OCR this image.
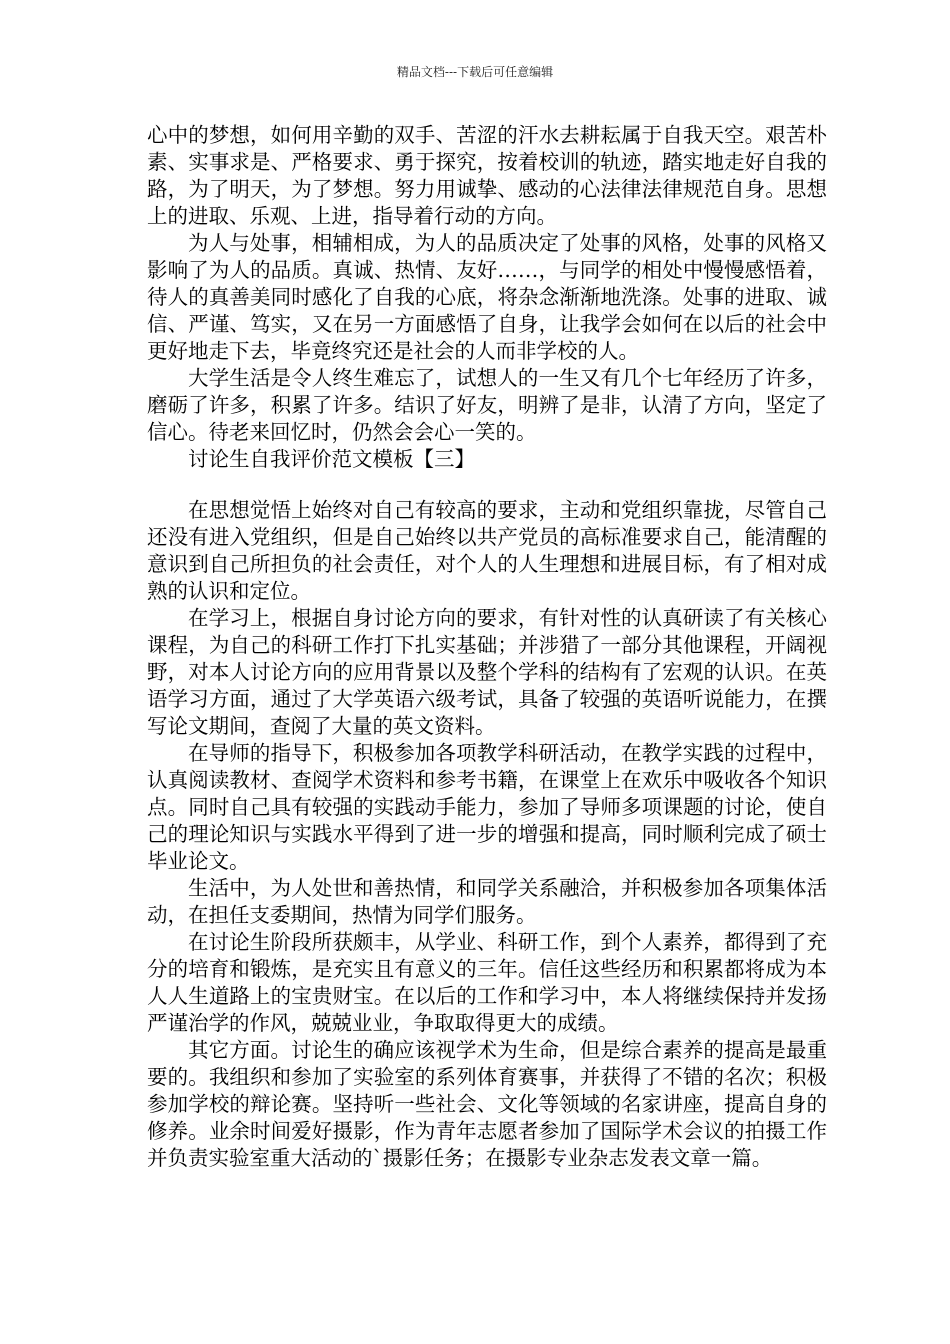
精品文档---下载后可任意编辑

心中的梦想，如何用辛勤的双手、苦涩的汗水去耕耘属于自我天空。艰苦朴素、实事求是、严格要求、勇于探究，按着校训的轨迹，踏实地走好自我的路，为了明天，为了梦想。努力用诚挚、感动的心法律法律规范自身。思想上的进取、乐观、上进，指导着行动的方向。

为人与处事，相辅相成，为人的品质决定了处事的风格，处事的风格又影响了为人的品质。真诚、热情、友好……，与同学的相处中慢慢感悟着，待人的真善美同时感化了自我的心底，将杂念渐渐地洗涤。处事的进取、诚信、严谨、笃实，又在另一方面感悟了自身，让我学会如何在以后的社会中更好地走下去，毕竟终究还是社会的人而非学校的人。

大学生活是令人终生难忘了，试想人的一生又有几个七年经历了许多，磨砺了许多，积累了许多。结识了好友，明辨了是非，认清了方向，坚定了信心。待老来回忆时，仍然会会心一笑的。

讨论生自我评价范文模板【三】

在思想觉悟上始终对自己有较高的要求，主动和党组织靠拢，尽管自己还没有进入党组织，但是自己始终以共产党员的高标准要求自己，能清醒的意识到自己所担负的社会责任，对个人的人生理想和进展目标，有了相对成熟的认识和定位。

在学习上，根据自身讨论方向的要求，有针对性的认真研读了有关核心课程，为自己的科研工作打下扎实基础；并涉猎了一部分其他课程，开阔视野，对本人讨论方向的应用背景以及整个学科的结构有了宏观的认识。在英语学习方面，通过了大学英语六级考试，具备了较强的英语听说能力，在撰写论文期间，查阅了大量的英文资料。

在导师的指导下，积极参加各项教学科研活动，在教学实践的过程中，认真阅读教材、查阅学术资料和参考书籍，在课堂上在欢乐中吸收各个知识点。同时自己具有较强的实践动手能力，参加了导师多项课题的讨论，使自己的理论知识与实践水平得到了进一步的增强和提高，同时顺利完成了硕士毕业论文。

生活中，为人处世和善热情，和同学关系融洽，并积极参加各项集体活动，在担任支委期间，热情为同学们服务。

在讨论生阶段所获颇丰，从学业、科研工作，到个人素养，都得到了充分的培育和锻炼，是充实且有意义的三年。信任这些经历和积累都将成为本人人生道路上的宝贵财宝。在以后的工作和学习中，本人将继续保持并发扬严谨治学的作风，兢兢业业，争取取得更大的成绩。

其它方面。讨论生的确应该视学术为生命，但是综合素养的提高是最重要的。我组织和参加了实验室的系列体育赛事，并获得了不错的名次；积极参加学校的辩论赛。坚持听一些社会、文化等领域的名家讲座，提高自身的修养。业余时间爱好摄影，作为青年志愿者参加了国际学术会议的拍摄工作并负责实验室重大活动的`摄影任务；在摄影专业杂志发表文章一篇。
